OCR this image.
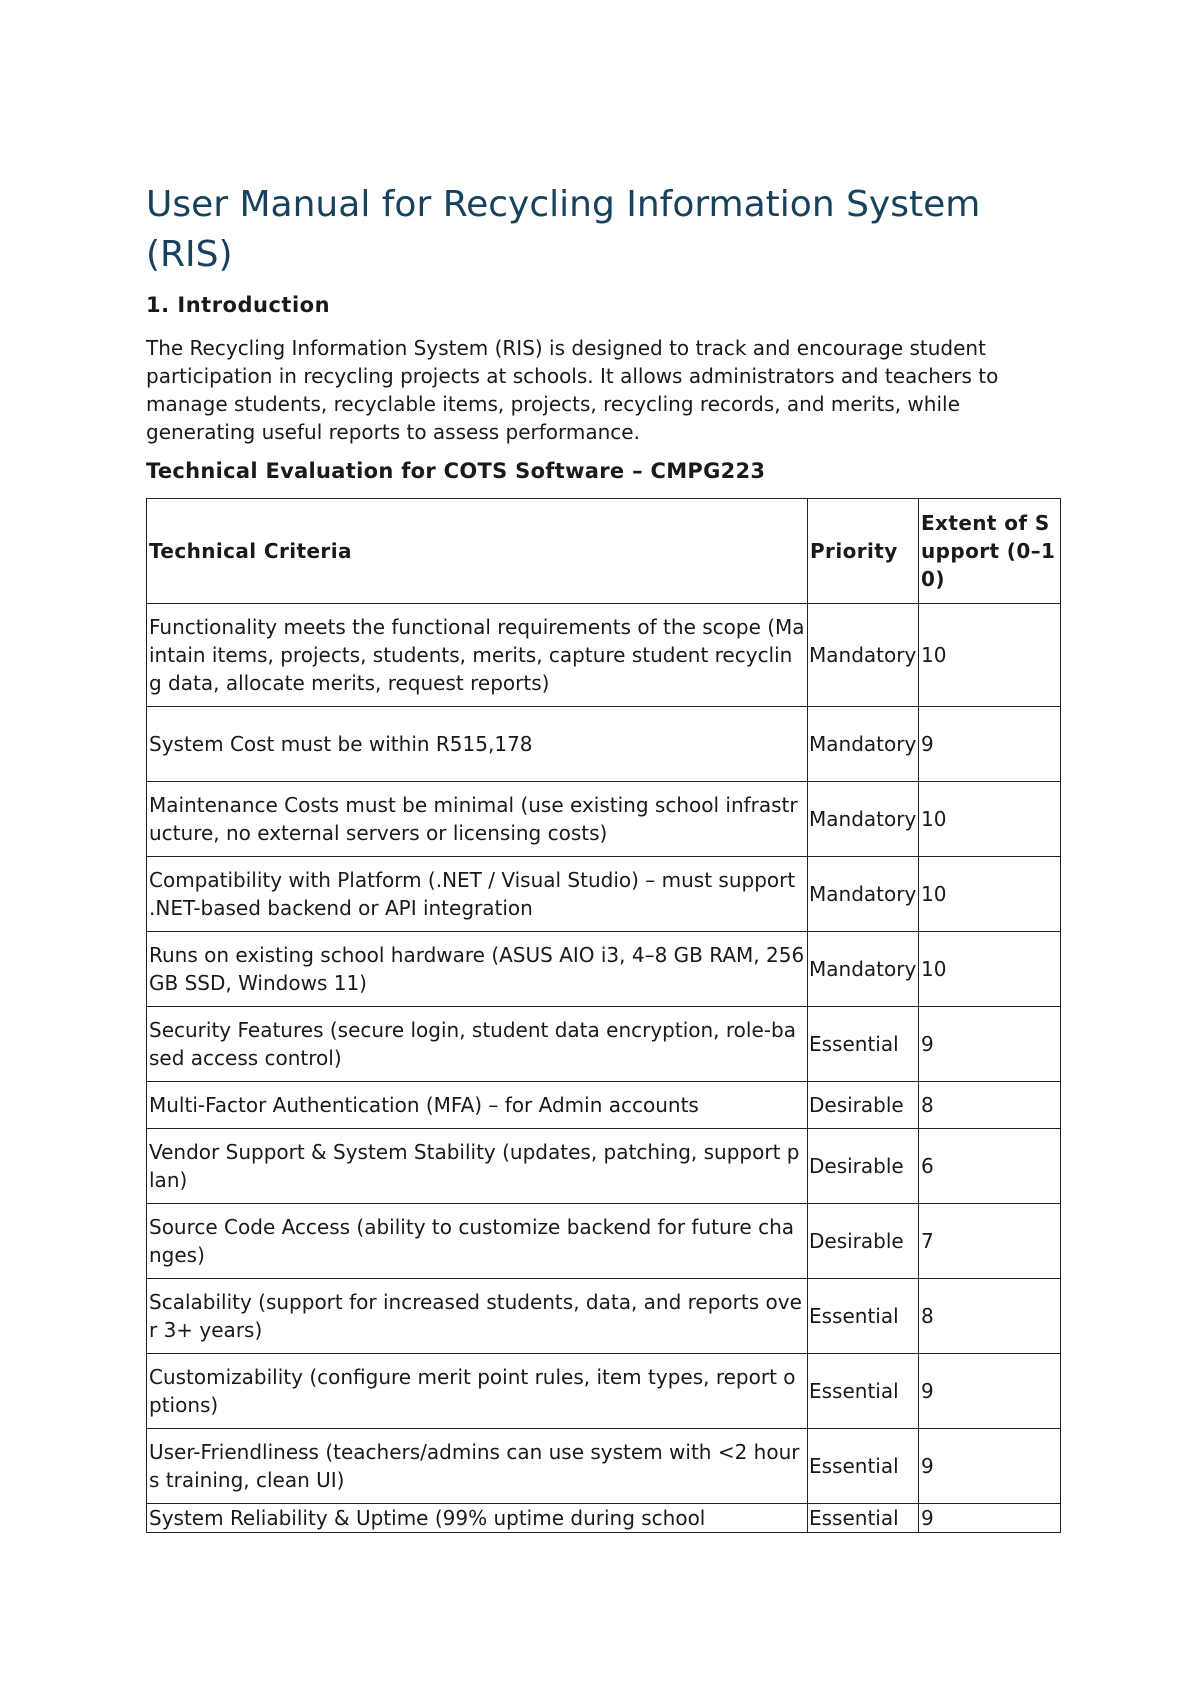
User Manual for Recycling Information System (RIS)
1. Introduction

The Recycling Information System (RIS) is designed to track and encourage student participation in recycling projects at schools. It allows administrators and teachers to manage students, recyclable items, projects, recycling records, and merits, while generating useful reports to assess performance.

Technical Evaluation for COTS Software – CMPG223
Technical Criteria	Priority	Extent of Support (0–10)
Functionality meets the functional requirements of the scope (Maintain items, projects, students, merits, capture student recycling data, allocate merits, request reports)	Mandatory	10
System Cost must be within R515,178	Mandatory	9
Maintenance Costs must be minimal (use existing school infrastructure, no external servers or licensing costs)	Mandatory	10
Compatibility with Platform (.NET / Visual Studio) – must support .NET-based backend or API integration	Mandatory	10
Runs on existing school hardware (ASUS AIO i3, 4–8 GB RAM, 256 GB SSD, Windows 11)	Mandatory	10
Security Features (secure login, student data encryption, role-based access control)	Essential	9
Multi-Factor Authentication (MFA) – for Admin accounts	Desirable	8
Vendor Support & System Stability (updates, patching, support plan)	Desirable	6
Source Code Access (ability to customize backend for future changes)	Desirable	7
Scalability (support for increased students, data, and reports over 3+ years)	Essential	8
Customizability (configure merit point rules, item types, report options)	Essential	9
User-Friendliness (teachers/admins can use system with <2 hours training, clean UI)	Essential	9
System Reliability & Uptime (99% uptime during school	Essential	9
